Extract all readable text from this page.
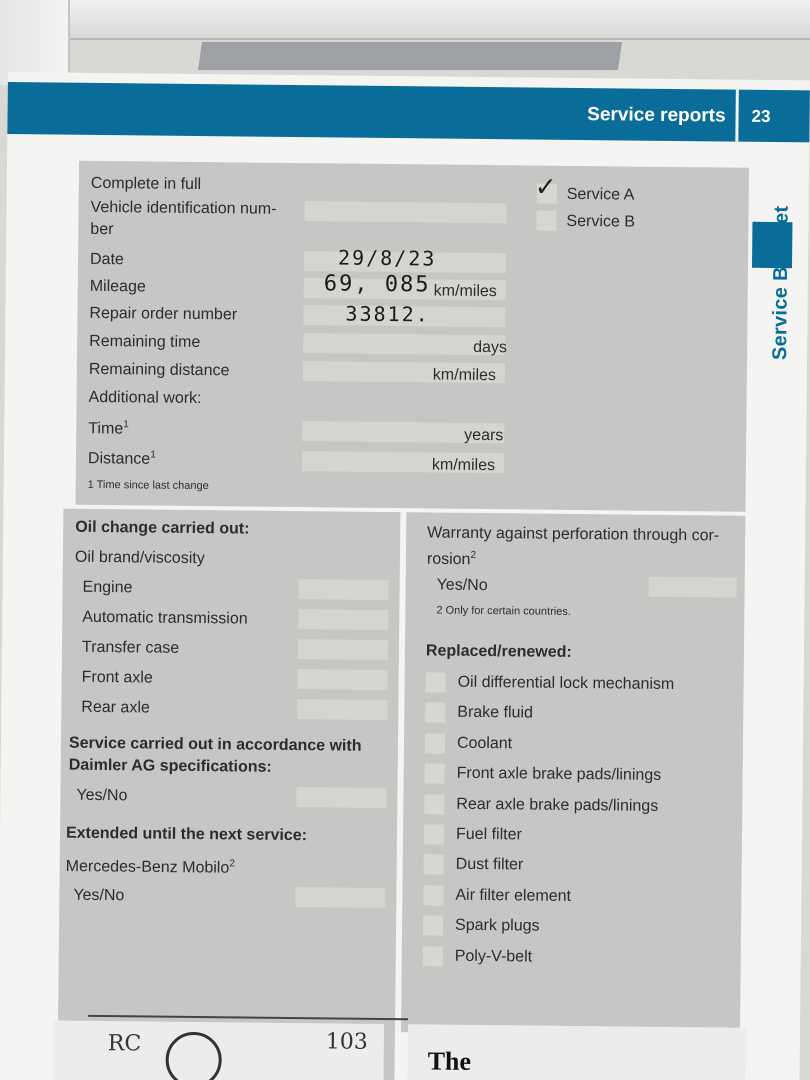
Service reports 23
Service Booklet
Complete in full
Vehicle identification num-
ber
Date	29/8/23
Mileage	69, 085 km/miles
Repair order number	33812.
Remaining time	days
Remaining distance	km/miles
Additional work:
Time$^1$
years
Distance$^1$
km/miles
1 Time since last change
✓ Service A
Service B
Oil change carried out:
Oil brand/viscosity
Engine
Automatic transmission
Transfer case
Front axle
Rear axle
Service carried out in accordance with Daimler AG specifications:
Yes/No
Extended until the next service:
Mercedes-Benz Mobilo$^2$
Yes/No
Warranty against perforation through cor-
rosion$^2$
Yes/No
2 Only for certain countries.
Replaced/renewed:
Oil differential lock mechanism
Brake fluid
Coolant
Front axle brake pads/linings
Rear axle brake pads/linings
Fuel filter
Dust filter
Air filter element
Spark plugs
Poly-V-belt
RC	103
The
